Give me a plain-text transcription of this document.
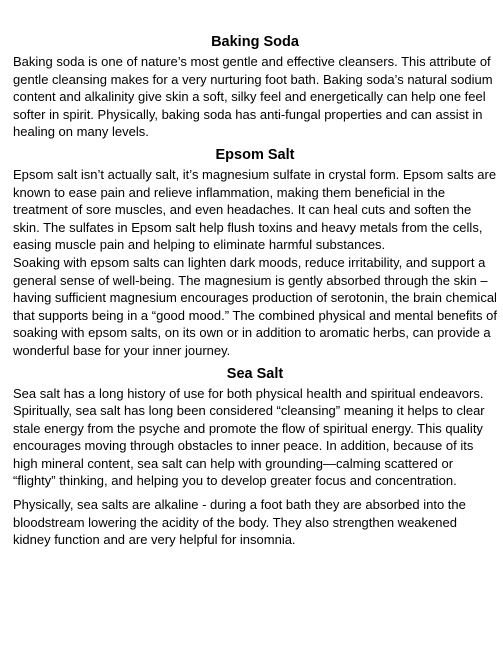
Baking Soda

Baking soda is one of nature’s most gentle and effective cleansers. This attribute of gentle cleansing makes for a very nurturing foot bath. Baking soda’s natural sodium content and alkalinity give skin a soft, silky feel and energetically can help one feel softer in spirit. Physically, baking soda has anti-fungal properties and can assist in healing on many levels.

Epsom Salt

Epsom salt isn’t actually salt, it’s magnesium sulfate in crystal form. Epsom salts are known to ease pain and relieve inflammation, making them beneficial in the treatment of sore muscles, and even headaches. It can heal cuts and soften the skin. The sulfates in Epsom salt help flush toxins and heavy metals from the cells, easing muscle pain and helping to eliminate harmful substances.

Soaking with epsom salts can lighten dark moods, reduce irritability, and support a general sense of well-being. The magnesium is gently absorbed through the skin – having sufficient magnesium encourages production of serotonin, the brain chemical that supports being in a “good mood.” The combined physical and mental benefits of soaking with epsom salts, on its own or in addition to aromatic herbs, can provide a wonderful base for your inner journey.

Sea Salt

Sea salt has a long history of use for both physical health and spiritual endeavors. Spiritually, sea salt has long been considered “cleansing” meaning it helps to clear stale energy from the psyche and promote the flow of spiritual energy. This quality encourages moving through obstacles to inner peace. In addition, because of its high mineral content, sea salt can help with grounding—calming scattered or “flighty” thinking, and helping you to develop greater focus and concentration.

Physically, sea salts are alkaline - during a foot bath they are absorbed into the bloodstream lowering the acidity of the body. They also strengthen weakened kidney function and are very helpful for insomnia.
